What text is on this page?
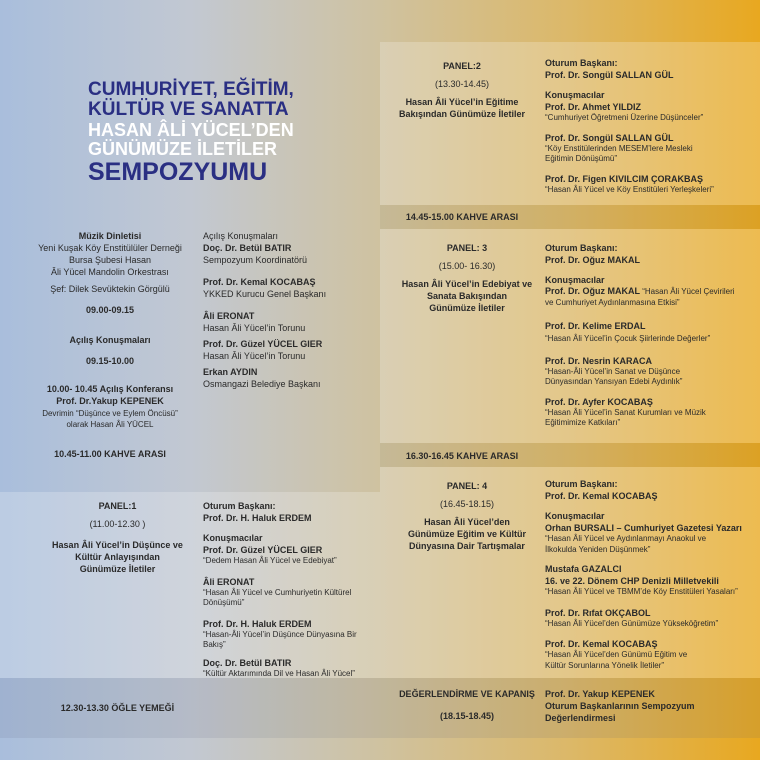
CUMHURİYET, EĞİTİM,
KÜLTÜR VE SANATTA
HASAN ÂLİ YÜCEL’DEN
GÜNÜMÜZE İLETİLER
SEMPOZYUMU
Müzik Dinletisi
Yeni Kuşak Köy Enstitülüler Derneği
Bursa Şubesi Hasan
Âli Yücel Mandolin Orkestrası
Şef: Dilek Sevüktekin Görgülü
09.00-09.15
Açılış Konuşmaları
09.15-10.00
10.00- 10.45 Açılış Konferansı
Prof. Dr.Yakup KEPENEK
Devrimin “Düşünce ve Eylem Öncüsü”
olarak Hasan Âli YÜCEL
10.45-11.00 KAHVE ARASI
Açılış Konuşmaları
Doç. Dr. Betül BATIR
Sempozyum Koordinatörü
Prof. Dr. Kemal KOCABAŞ
YKKED Kurucu Genel Başkanı
Âli ERONAT
Hasan Âli Yücel’in Torunu
Prof. Dr. Güzel YÜCEL GIER
Hasan Âli Yücel’in Torunu
Erkan AYDIN
Osmangazi Belediye Başkanı
PANEL:2
(13.30-14.45)
Hasan Âli Yücel’in Eğitime
Bakışından Günümüze İletiler
Oturum Başkanı:
Prof. Dr. Songül SALLAN GÜL
Konuşmacılar
Prof. Dr. Ahmet YILDIZ
“Cumhuriyet Öğretmeni Üzerine Düşünceler”
Prof. Dr. Songül SALLAN GÜL
“Köy Enstitülerinden MESEM’lere Mesleki
Eğitimin Dönüşümü”
Prof. Dr. Figen KIVILCIM ÇORAKBAŞ
“Hasan Âli Yücel ve Köy Enstitüleri Yerleşkeleri”
14.45-15.00 KAHVE ARASI
PANEL: 3
(15.00- 16.30)
Hasan Âli Yücel’in Edebiyat ve
Sanata Bakışından
Günümüze İletiler
Oturum Başkanı:
Prof. Dr. Oğuz MAKAL
Konuşmacılar
Prof. Dr. Oğuz MAKAL “Hasan Âli Yücel Çevirileri
ve Cumhuriyet Aydınlanmasına Etkisi”
Prof. Dr. Kelime ERDAL
“Hasan Âli Yücel’in Çocuk Şiirlerinde Değerler”
Prof. Dr. Nesrin KARACA
“Hasan-Âli Yücel’in Sanat ve Düşünce
Dünyasından Yansıyan Edebi Aydınlık”
Prof. Dr. Ayfer KOCABAŞ
“Hasan Âli Yücel’in Sanat Kurumları ve Müzik
Eğitimimize Katkıları”
16.30-16.45 KAHVE ARASI
PANEL: 4
(16.45-18.15)
Hasan Âli Yücel’den
Günümüze Eğitim ve Kültür
Dünyasına Dair Tartışmalar
Oturum Başkanı:
Prof. Dr. Kemal KOCABAŞ
Konuşmacılar
Orhan BURSALI – Cumhuriyet Gazetesi Yazarı
“Hasan Âli Yücel ve Aydınlanmayı Anaokul ve
İlkokulda Yeniden Düşünmek”
Mustafa GAZALCI
16. ve 22. Dönem CHP Denizli Milletvekili
“Hasan Âli Yücel ve TBMM’de Köy Enstitüleri Yasaları”
Prof. Dr. Rıfat OKÇABOL
“Hasan Âli Yücel’den Günümüze Yükseköğretim”
Prof. Dr. Kemal KOCABAŞ
“Hasan Âli Yücel’den Günümü Eğitim ve
Kültür Sorunlarına Yönelik İletiler”
PANEL:1
(11.00-12.30 )
Hasan Âli Yücel’in Düşünce ve
Kültür Anlayışından
Günümüze İletiler
Oturum Başkanı:
Prof. Dr. H. Haluk ERDEM
Konuşmacılar
Prof. Dr. Güzel YÜCEL GIER
“Dedem Hasan Âli Yücel ve Edebiyat”
Âli ERONAT
“Hasan Âli Yücel ve Cumhuriyetin Kültürel
Dönüşümü”
Prof. Dr. H. Haluk ERDEM
“Hasan-Âli Yücel’in Düşünce Dünyasına Bir Bakış”
Doç. Dr. Betül BATIR
“Kültür Aktarımında Dil ve Hasan Âli Yücel”
12.30-13.30 ÖĞLE YEMEĞİ
DEĞERLENDİRME VE KAPANIŞ
(18.15-18.45)
Prof. Dr. Yakup KEPENEK
Oturum Başkanlarının Sempozyum
Değerlendirmesi
